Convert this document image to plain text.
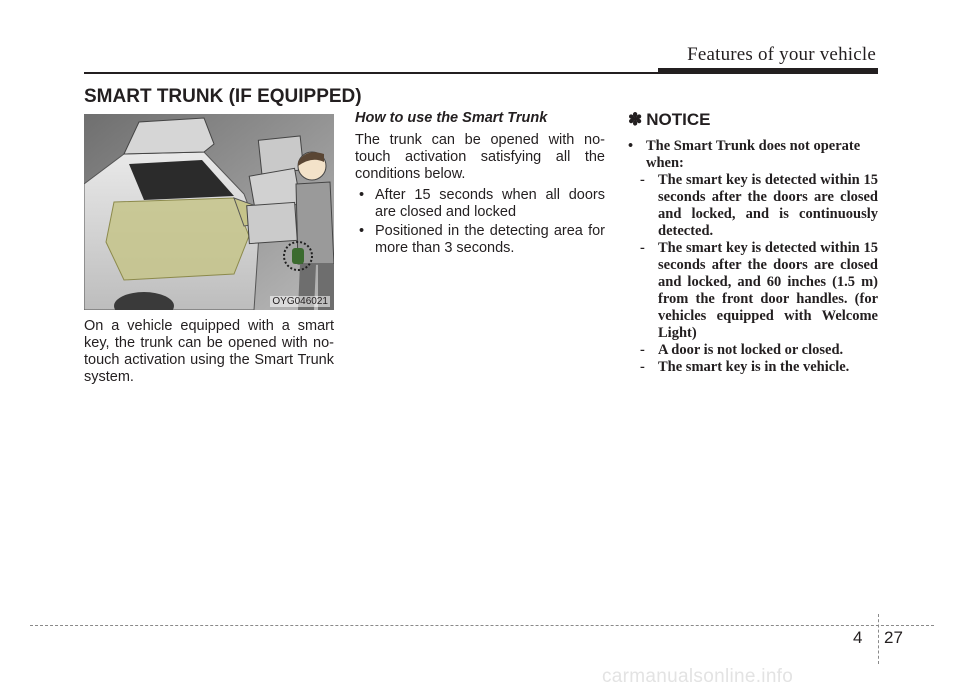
Features of your vehicle
SMART TRUNK (IF EQUIPPED)
OYG046021

On a vehicle equipped with a smart key, the trunk can be opened with no-touch activation using the Smart Trunk system.

How to use the Smart Trunk

The trunk can be opened with no-touch activation satisfying all the conditions below.

• After 15 seconds when all doors are closed and locked
• Positioned in the detecting area for more than 3 seconds.
✽ NOTICE
• The Smart Trunk does not operate when:
- The smart key is detected within 15 seconds after the doors are closed and locked, and is continuously detected.
- The smart key is detected within 15 seconds after the doors are closed and locked, and 60 inches (1.5 m) from the front door handles. (for vehicles equipped with Welcome Light)
- A door is not locked or closed.
- The smart key is in the vehicle.
4 27
carmanualsonline.info
